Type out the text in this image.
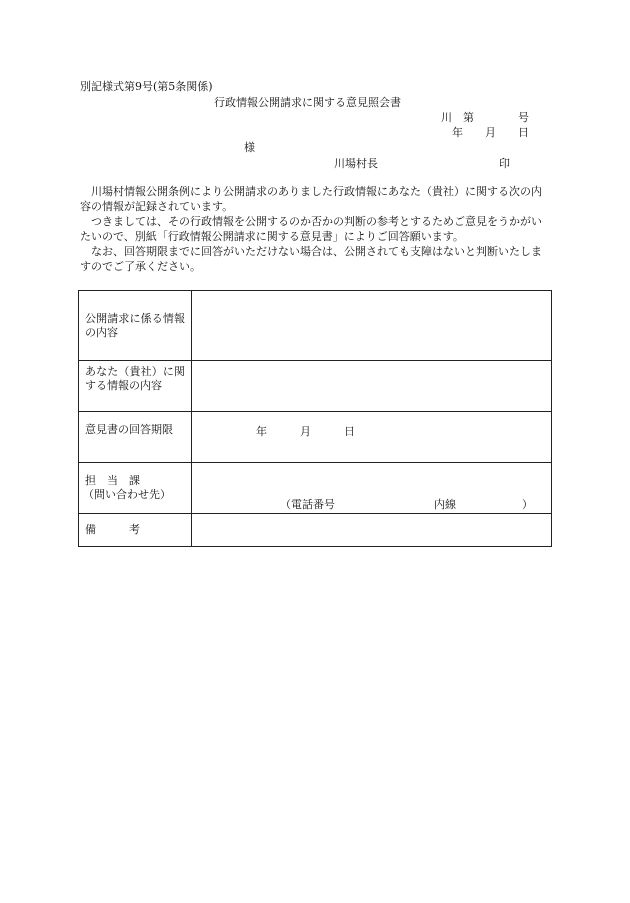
別記様式第9号(第5条関係)
行政情報公開請求に関する意見照会書
川　第　　　　号
年　　月　　日
様
川場村長	印

　川場村情報公開条例により公開請求のありました行政情報にあなた（貴社）に関する次の内容の情報が記録されています。

　つきましては、その行政情報を公開するのか否かの判断の参考とするためご意見をうかがいたいので、別紙「行政情報公開請求に関する意見書」によりご回答願います。

　なお、回答期限までに回答がいただけない場合は、公開されても支障はないと判断いたしますのでご了承ください。

公開請求に係る情報の内容	

あなた（貴社）に関する情報の内容	

意見書の回答期限	年　　　月　　　日

担　当　課
（問い合わせ先）	（電話番号　　　　　　　　　内線　　　　　　）

備　　　考	
